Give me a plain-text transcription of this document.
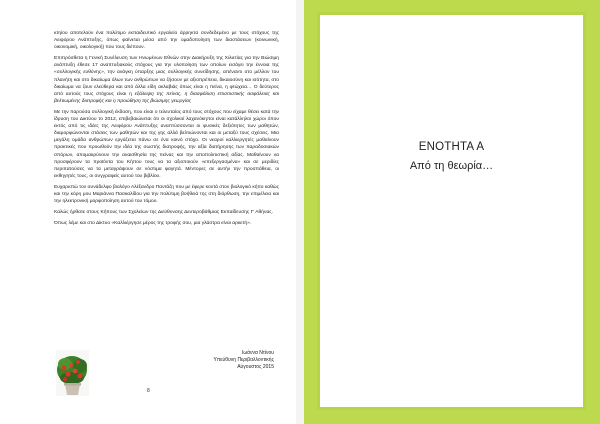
κτηίου αποτελούν ένα πολύτιμο εκπαιδευτικό εργαλείο άρρηκτα συνδεδεμένο με τους στόχους της Αειφόρου Ανάπτυξης, όπως φαίνεται μέσα από την ομαδοποίηση των διαστάσεων (κοινωνική, οικονομική, οικολογική) που τους διέπουν.

Επιπρόσθετα η Γενική Συνέλευση των Ηνωμένων Εθνών στην Διακήρυξη της Χιλιετίας για την Βιώσιμη ανάπτυξη έθεσε 17 αναπτυξιακούς στόχους για την υλοποίηση των οποίων εισάγει την έννοια της «συλλογικής ευθύνης», την ανάγκη ύπαρξης μιας συλλογικής συνείδησης, απέναντι στο μέλλον του πλανήτη και στο δικαίωμα όλων των ανθρώπων να ζήσουν με αξιοπρέπεια, δικαιοσύνη και ισότητα, στο δικαίωμα να ζουν ελεύθερα και από άλλα είδη ακλαβιάς όπως είναι η πείνα, η φτώχεια… Ο δεύτερος από αυτούς τους στόχους είναι η εξάλειψη της πείνας, η διασφάλιση επισιτιστικής ασφάλειας και βελτιωμένης διατροφής και η προώθηση της βιώσιμης γεωργίας

Με την παρούσα συλλογική έκδοση, που είναι ο τελευταίος από τους στόχους που είχαμε θέσει κατά την ίδρυση του Δικτύου το 2012, επιβεβαιώνεται ότι οι σχολικοί λαχανόκηποι είναι κατάλληλοι χώροι όπου εκτός από τις ιδέες της Αειφόρου Ανάπτυξης αναπτύσσονται οι φυσικές δεξιότητες των μαθητών, διαμορφώνονται στάσεις των μαθητών και της γης αλλά βελτιώνονται και οι μεταξύ τους σχέσεις. Μια μεγάλη ομάδα ανθρώπων εργάζεται πάνω σε ένα κοινό στόχο. Οι νεαροί καλλιεργητές μαθαίνουν πρακτικές που προωθούν την ιδέα της σωστής διατροφής, την αξία διατήρησης των παραδοσιακών σπόρων, απομακρύνουν την αναισθησία της πείνας και την αποπολιτιστική αξίας. Μαθαίνουν να προσφέρουν τα προϊόντα του Κήπου τους να τα αξιοποιούν «επεξεργασμένα» και σε μεριδίες περιπατούσες να τα μεταγράψουν σε νόστιμα φαγητά. Μέντορες σε αυτήν την προσπάθεια, οι εκθηγητές τους, οι συγγραφείς αυτού του βιβλίου.

Ευχαριστώ τον συνάδελφο βιολόγο Αλέξανδρο Παντάζη που με έφερε κοντά στον βιολογικό κήπο καθώς και την κόρη μου Μαριάννα Πασκαλίδου για την πολύτιμη βοήθειά της στη διόρθωση, την επιμέλεια και την ηλεκτρονική μορφοποίηση αυτού του τόμου.

Καλώς ήρθατε στους Κήπους των Σχολείων της Διεύθυνσης Δευτεροβάθμιας Εκπαίδευσης Γ' Αθήνας.

Όπως λέμε και στο Δίκτυο «Καλλιέργησε μέρος της τροφής σου, μια γλάστρα είναι αρκετή».

Ιωάννα Ντίνου
Υπεύθυνη Περιβαλλοντικής
Αύγουστος 2015
8
ΕΝΟΤΗΤΑ Α
Από τη θεωρία…
